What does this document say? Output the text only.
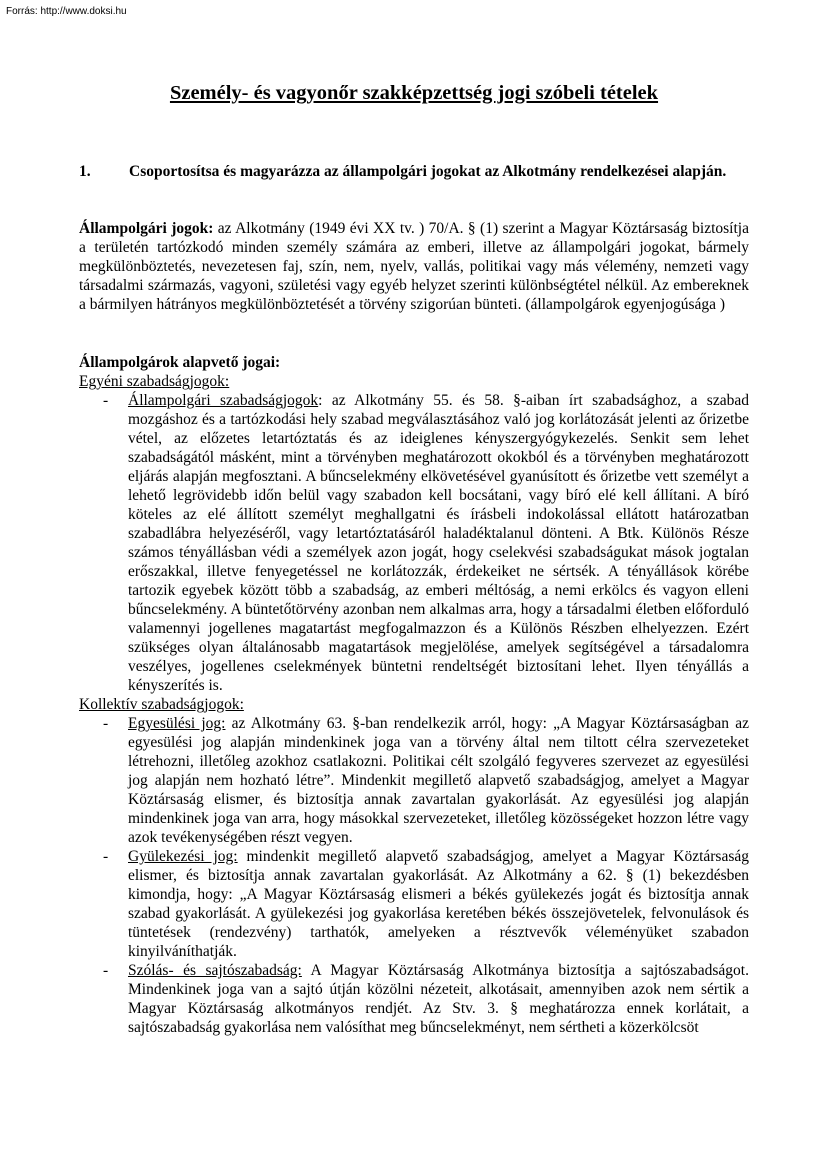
Forrás: http://www.doksi.hu
Személy- és vagyonőr szakképzettség jogi szóbeli tételek

1. Csoportosítsa és magyarázza az állampolgári jogokat az Alkotmány rendelkezései alapján.

Állampolgári jogok: az Alkotmány (1949 évi XX tv. ) 70/A. § (1) szerint a Magyar Köztársaság biztosítja a területén tartózkodó minden személy számára az emberi, illetve az állampolgári jogokat, bármely megkülönböztetés, nevezetesen faj, szín, nem, nyelv, vallás, politikai vagy más vélemény, nemzeti vagy társadalmi származás, vagyoni, születési vagy egyéb helyzet szerinti különbségtétel nélkül. Az embereknek a bármilyen hátrányos megkülönböztetését a törvény szigorúan bünteti. (állampolgárok egyenjogúsága )

Állampolgárok alapvető jogai:

Egyéni szabadságjogok:

- Állampolgári szabadságjogok: az Alkotmány 55. és 58. §-aiban írt szabadsághoz, a szabad mozgáshoz és a tartózkodási hely szabad megválasztásához való jog korlátozását jelenti az őrizetbe vétel, az előzetes letartóztatás és az ideiglenes kényszergyógykezelés. Senkit sem lehet szabadságától másként, mint a törvényben meghatározott okokból és a törvényben meghatározott eljárás alapján megfosztani. A bűncselekmény elkövetésével gyanúsított és őrizetbe vett személyt a lehető legrövidebb időn belül vagy szabadon kell bocsátani, vagy bíró elé kell állítani. A bíró köteles az elé állított személyt meghallgatni és írásbeli indokolással ellátott határozatban szabadlábra helyezéséről, vagy letartóztatásáról haladéktalanul dönteni. A Btk. Különös Része számos tényállásban védi a személyek azon jogát, hogy cselekvési szabadságukat mások jogtalan erőszakkal, illetve fenyegetéssel ne korlátozzák, érdekeiket ne sértsék. A tényállások körébe tartozik egyebek között több a szabadság, az emberi méltóság, a nemi erkölcs és vagyon elleni bűncselekmény. A büntetőtörvény azonban nem alkalmas arra, hogy a társadalmi életben előforduló valamennyi jogellenes magatartást megfogalmazzon és a Különös Részben elhelyezzen. Ezért szükséges olyan általánosabb magatartások megjelölése, amelyek segítségével a társadalomra veszélyes, jogellenes cselekmények büntetni rendeltségét biztosítani lehet. Ilyen tényállás a kényszerítés is.

Kollektív szabadságjogok:

- Egyesülési jog: az Alkotmány 63. §-ban rendelkezik arról, hogy: „A Magyar Köztársaságban az egyesülési jog alapján mindenkinek joga van a törvény által nem tiltott célra szervezeteket létrehozni, illetőleg azokhoz csatlakozni. Politikai célt szolgáló fegyveres szervezet az egyesülési jog alapján nem hozható létre”. Mindenkit megillető alapvető szabadságjog, amelyet a Magyar Köztársaság elismer, és biztosítja annak zavartalan gyakorlását. Az egyesülési jog alapján mindenkinek joga van arra, hogy másokkal szervezeteket, illetőleg közösségeket hozzon létre vagy azok tevékenységében részt vegyen.

- Gyülekezési jog: mindenkit megillető alapvető szabadságjog, amelyet a Magyar Köztársaság elismer, és biztosítja annak zavartalan gyakorlását. Az Alkotmány a 62. § (1) bekezdésben kimondja, hogy: „A Magyar Köztársaság elismeri a békés gyülekezés jogát és biztosítja annak szabad gyakorlását. A gyülekezési jog gyakorlása keretében békés összejövetelek, felvonulások és tüntetések (rendezvény) tarthatók, amelyeken a résztvevők véleményüket szabadon kinyilváníthatják.

- Szólás- és sajtószabadság: A Magyar Köztársaság Alkotmánya biztosítja a sajtószabadságot. Mindenkinek joga van a sajtó útján közölni nézeteit, alkotásait, amennyiben azok nem sértik a Magyar Köztársaság alkotmányos rendjét. Az Stv. 3. § meghatározza ennek korlátait, a sajtószabadság gyakorlása nem valósíthat meg bűncselekményt, nem sértheti a közerkölcsöt
